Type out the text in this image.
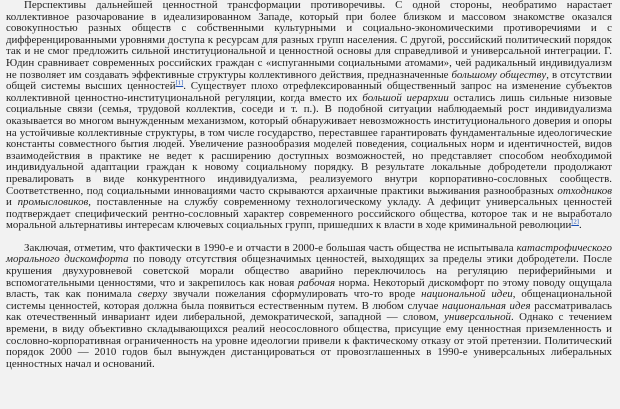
Перспективы дальнейшей ценностной трансформации противоречивы. С одной стороны, необратимо нарастает коллективное разочарование в идеализированном Западе, который при более близком и массовом знакомстве оказался совокупностью разных обществ с собственными культурными и социально-экономическими противоречиями и с дифференцированными уровнями доступа к ресурсам для разных групп населения. С другой, российский политический порядок так и не смог предложить сильной институциональной и ценностной основы для справедливой и универсальной интеграции. Г. Юдин сравнивает современных российских граждан с «испуганными социальными атомами», чей радикальный индивидуализм не позволяет им создавать эффективные структуры коллективного действия, предназначенные большому обществу, в отсутствии общей системы высших ценностей[1]. Существует плохо отрефлексированный общественный запрос на изменение субъектов коллективной ценностно-институциональной регуляции, когда вместо их большой иерархии остались лишь сильные низовые социальные связи (семья, трудовой коллектив, соседи и т. п.). В подобной ситуации наблюдаемый рост индивидуализма оказывается во многом вынужденным механизмом, который обнаруживает невозможность институционального доверия и опоры на устойчивые коллективные структуры, в том числе государство, переставшее гарантировать фундаментальные идеологические константы совместного бытия людей. Увеличение разнообразия моделей поведения, социальных норм и идентичностей, видов взаимодействия в практике не ведет к расширению доступных возможностей, но представляет способом необходимой индивидуальной адаптации граждан к новому социальному порядку. В результате локальные добродетели продолжают превалировать в виде конкурентного индивидуализма, реализуемого внутри корпоративно-сословных сообществ. Соответственно, под социальными инновациями часто скрываются архаичные практики выживания разнообразных отходников и промысловиков, поставленные на службу современному технологическому укладу. А дефицит универсальных ценностей подтверждает специфический рентно-сословный характер современного российского общества, которое так и не выработало моральной альтернативы интересам ключевых социальных групп, пришедших к власти в ходе криминальной революции[2].

Заключая, отметим, что фактически в 1990-е и отчасти в 2000-е большая часть общества не испытывала катастрофического морального дискомфорта по поводу отсутствия общезначимых ценностей, выходящих за пределы этики добродетели. После крушения двухуровневой советской морали общество аварийно переключилось на регуляцию периферийными и вспомогательными ценностями, что и закрепилось как новая рабочая норма. Некоторый дискомфорт по этому поводу ощущала власть, так как понимала сверху звучали пожелания сформулировать что-то вроде национальной идеи, общенациональной системы ценностей, которая должна была появиться естественным путем. В любом случае национальная идея рассматривалась как отечественный инвариант идеи либеральной, демократической, западной — словом, универсальной. Однако с течением времени, в виду объективно складывающихся реалий неосословного общества, присущие ему ценностная приземленность и сословно-корпоративная ограниченность на уровне идеологии привели к фактическому отказу от этой претензии. Политический порядок 2000 — 2010 годов был вынужден дистанцироваться от провозглашенных в 1990-е универсальных либеральных ценностных начал и оснований.
